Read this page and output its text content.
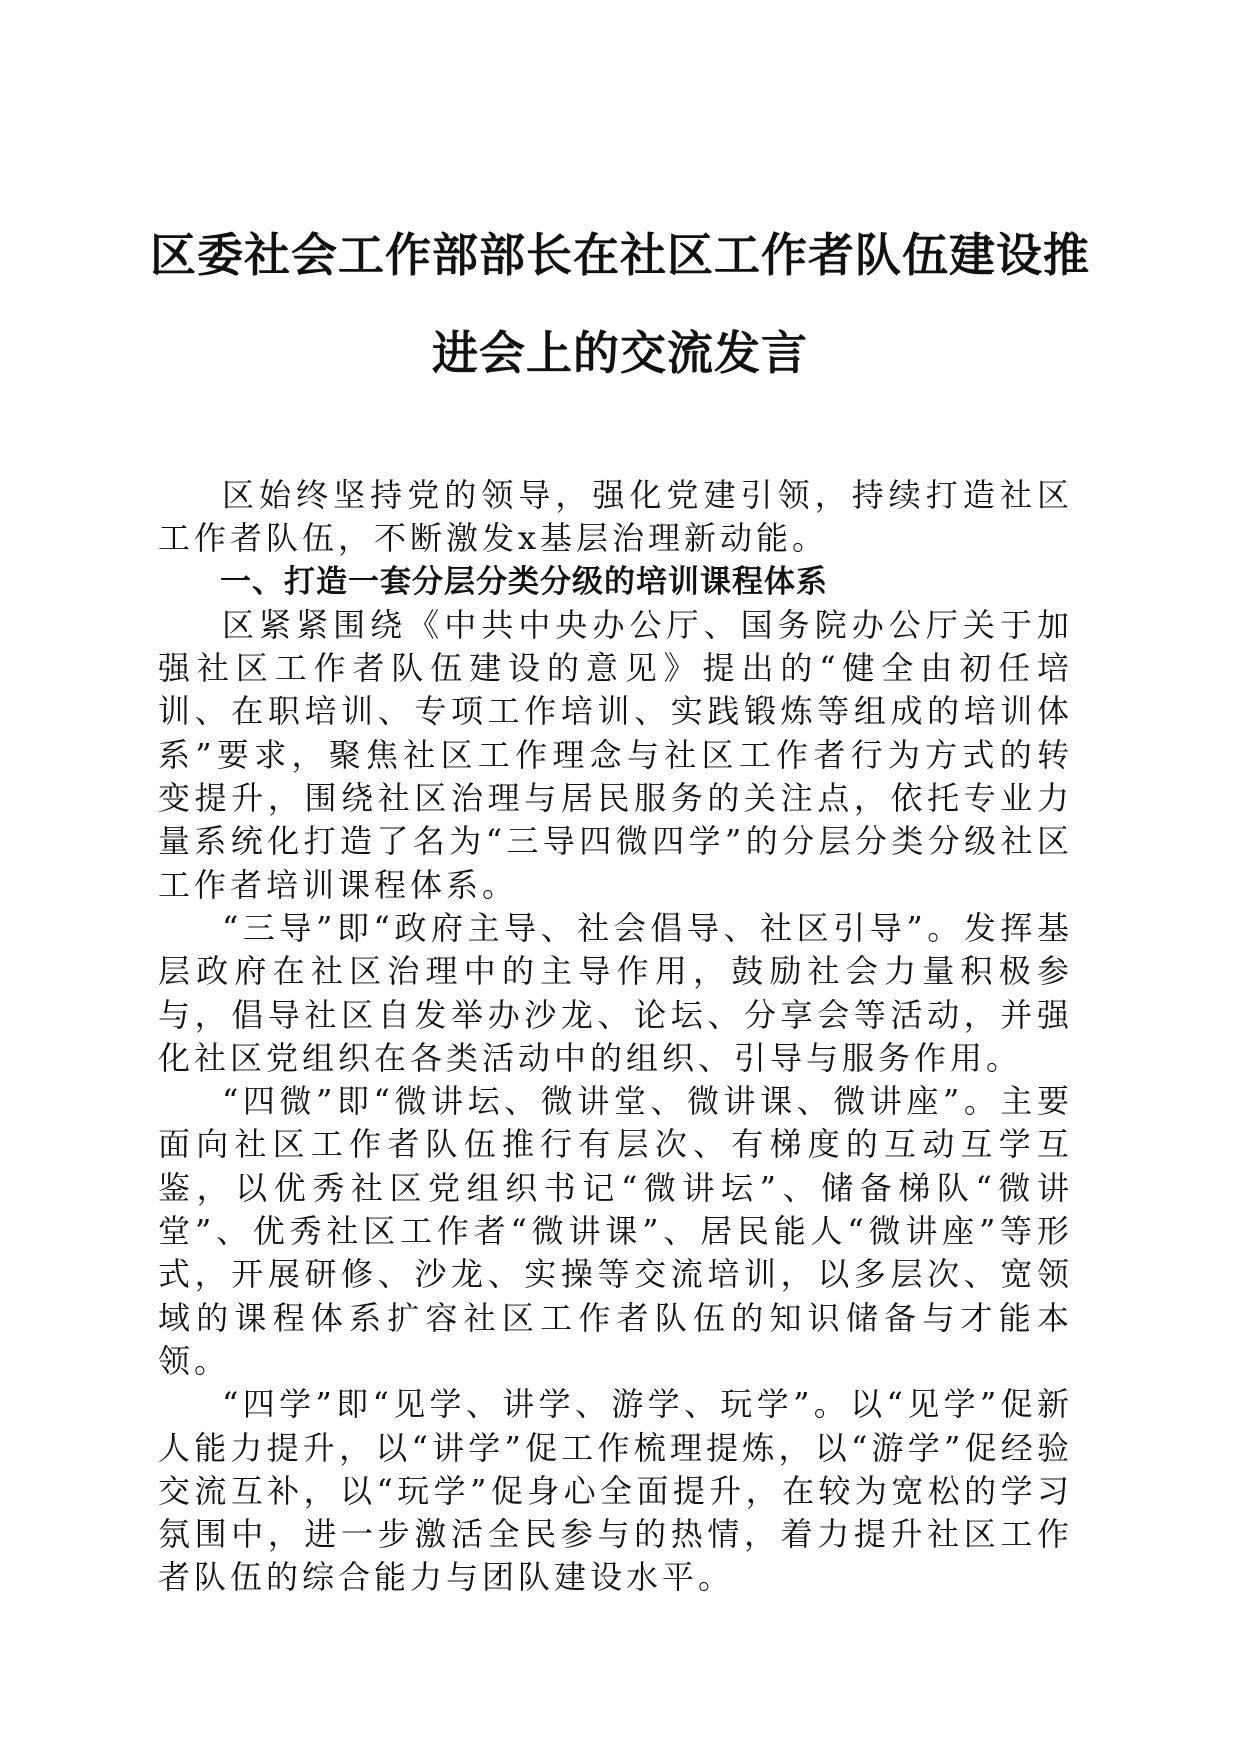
区委社会工作部部长在社区工作者队伍建设推
进会上的交流发言

区始终坚持党的领导，强化党建引领，持续打造社区工作者队伍，不断激发x基层治理新动能。

一、打造一套分层分类分级的培训课程体系

区紧紧围绕《中共中央办公厅、国务院办公厅关于加强社区工作者队伍建设的意见》提出的“健全由初任培训、在职培训、专项工作培训、实践锻炼等组成的培训体系”要求，聚焦社区工作理念与社区工作者行为方式的转变提升，围绕社区治理与居民服务的关注点，依托专业力量系统化打造了名为“三导四微四学”的分层分类分级社区工作者培训课程体系。

“三导”即“政府主导、社会倡导、社区引导”。发挥基层政府在社区治理中的主导作用，鼓励社会力量积极参与，倡导社区自发举办沙龙、论坛、分享会等活动，并强化社区党组织在各类活动中的组织、引导与服务作用。

“四微”即“微讲坛、微讲堂、微讲课、微讲座”。主要面向社区工作者队伍推行有层次、有梯度的互动互学互鉴，以优秀社区党组织书记“微讲坛”、储备梯队“微讲堂”、优秀社区工作者“微讲课”、居民能人“微讲座”等形式，开展研修、沙龙、实操等交流培训，以多层次、宽领域的课程体系扩容社区工作者队伍的知识储备与才能本领。

“四学”即“见学、讲学、游学、玩学”。以“见学”促新人能力提升，以“讲学”促工作梳理提炼，以“游学”促经验交流互补，以“玩学”促身心全面提升，在较为宽松的学习氛围中，进一步激活全民参与的热情，着力提升社区工作者队伍的综合能力与团队建设水平。
